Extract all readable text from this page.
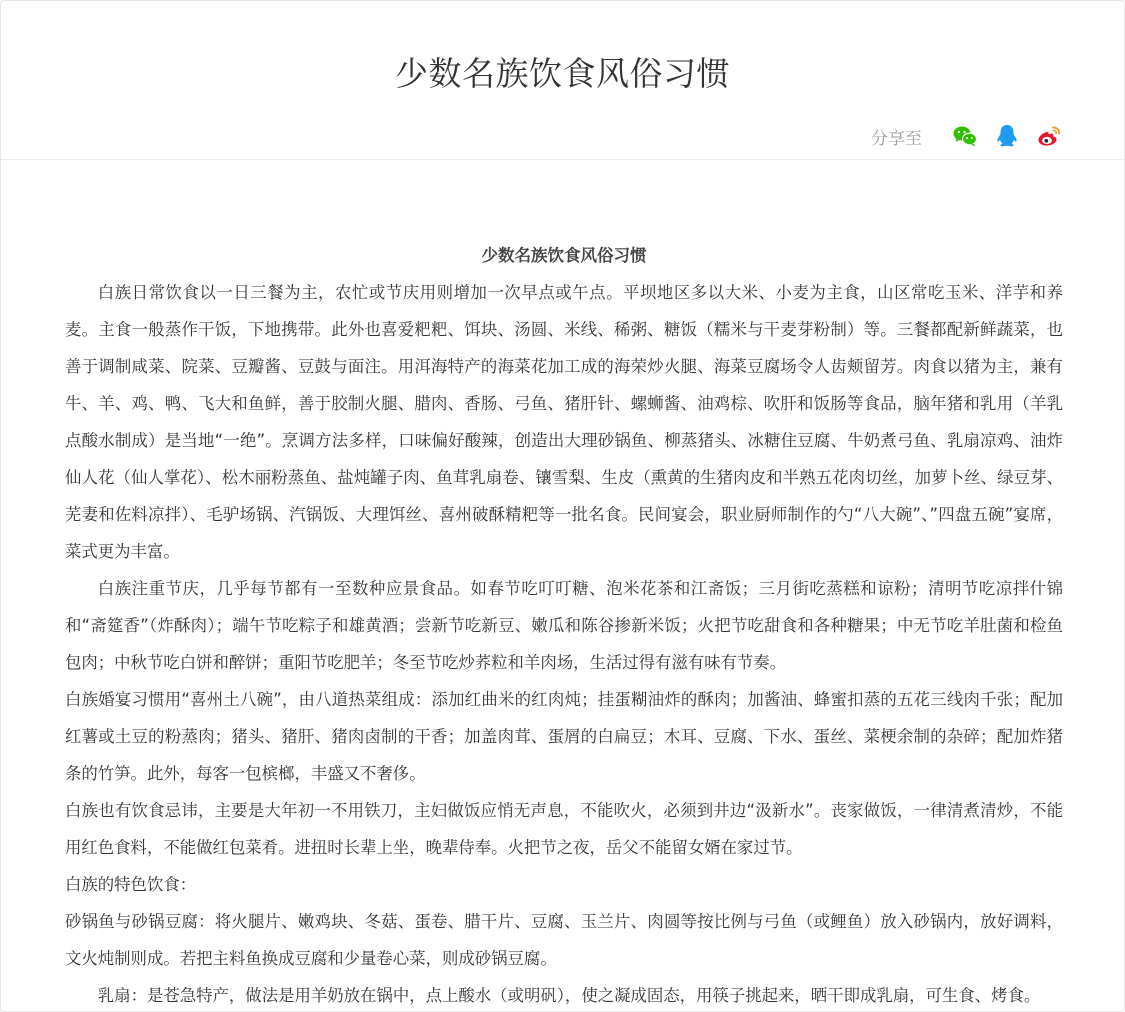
少数名族饮食风俗习惯
分享至
少数名族饮食风俗习惯

白族日常饮食以一日三餐为主，农忙或节庆用则增加一次早点或午点。平坝地区多以大米、小麦为主食，山区常吃玉米、洋芋和养麦。主食一般蒸作干饭，下地携带。此外也喜爱粑粑、饵块、汤圆、米线、稀粥、糖饭（糯米与干麦芽粉制）等。三餐都配新鲜蔬菜，也善于调制咸菜、院菜、豆瓣酱、豆鼓与面注。用洱海特产的海菜花加工成的海荣炒火腿、海菜豆腐场令人齿颊留芳。肉食以猪为主，兼有牛、羊、鸡、鸭、飞大和鱼鲜，善于胶制火腿、腊肉、香肠、弓鱼、猪肝针、螺蛳酱、油鸡棕、吹肝和饭肠等食品，脑年猪和乳用（羊乳点酸水制成）是当地“一绝”。烹调方法多样，口味偏好酸辣，创造出大理砂锅鱼、柳蒸猪头、冰糖住豆腐、牛奶煮弓鱼、乳扇凉鸡、油炸仙人花（仙人掌花）、松木丽粉蒸鱼、盐炖罐子肉、鱼茸乳扇卷、镶雪梨、生皮（熏黄的生猪肉皮和半熟五花肉切丝，加萝卜丝、绿豆芽、芜妻和佐料凉拌）、毛驴场锅、汽锅饭、大理饵丝、喜州破酥精粑等一批名食。民间宴会，职业厨师制作的勺“八大碗”、”四盘五碗”宴席，菜式更为丰富。

白族注重节庆，几乎每节都有一至数种应景食品。如春节吃叮叮糖、泡米花茶和江斋饭；三月街吃蒸糕和谅粉；清明节吃凉拌什锦和“斋筵香”（炸酥肉）；端午节吃粽子和雄黄酒；尝新节吃新豆、嫩瓜和陈谷掺新米饭；火把节吃甜食和各种糖果；中无节吃羊肚菌和检鱼包肉；中秋节吃白饼和醉饼；重阳节吃肥羊；冬至节吃炒荞粒和羊肉场，生活过得有滋有味有节奏。

白族婚宴习惯用“喜州土八碗”，由八道热菜组成：添加红曲米的红肉炖；挂蛋糊油炸的酥肉；加酱油、蜂蜜扣蒸的五花三线肉千张；配加红薯或土豆的粉蒸肉；猪头、猪肝、猪肉卤制的干香；加盖肉茸、蛋屑的白扁豆；木耳、豆腐、下水、蛋丝、菜梗余制的杂碎；配加炸猪条的竹笋。此外，每客一包槟榔，丰盛又不奢侈。

白族也有饮食忌讳，主要是大年初一不用铁刀，主妇做饭应悄无声息，不能吹火，必须到井边“汲新水”。丧家做饭，一律清煮清炒，不能用红色食料，不能做红包菜肴。进扭时长辈上坐，晚辈侍奉。火把节之夜，岳父不能留女婿在家过节。

白族的特色饮食：

砂锅鱼与砂锅豆腐：将火腿片、嫩鸡块、冬菇、蛋卷、腊干片、豆腐、玉兰片、肉圆等按比例与弓鱼（或鲤鱼）放入砂锅内，放好调料，文火炖制则成。若把主料鱼换成豆腐和少量卷心菜，则成砂锅豆腐。

乳扇：是苍急特产，做法是用羊奶放在锅中，点上酸水（或明矾），使之凝成固态，用筷子挑起来，晒干即成乳扇，可生食、烤食。
